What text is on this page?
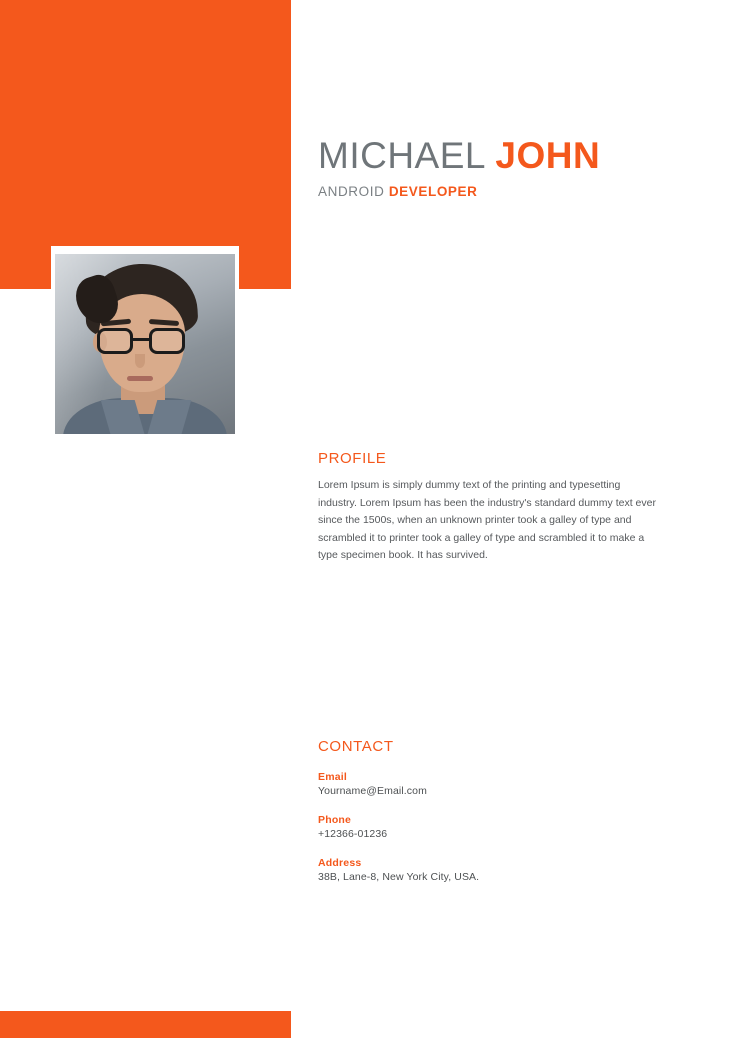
MICHAEL JOHN
ANDROID DEVELOPER
PROFILE

Lorem Ipsum is simply dummy text of the printing and typesetting industry. Lorem Ipsum has been the industry's standard dummy text ever since the 1500s, when an unknown printer took a galley of type and scrambled it to printer took a galley of type and scrambled it to make a type specimen book. It has survived.

CONTACT

Email

Yourname@Email.com

Phone

+12366-01236

Address

38B, Lane-8, New York City, USA.
